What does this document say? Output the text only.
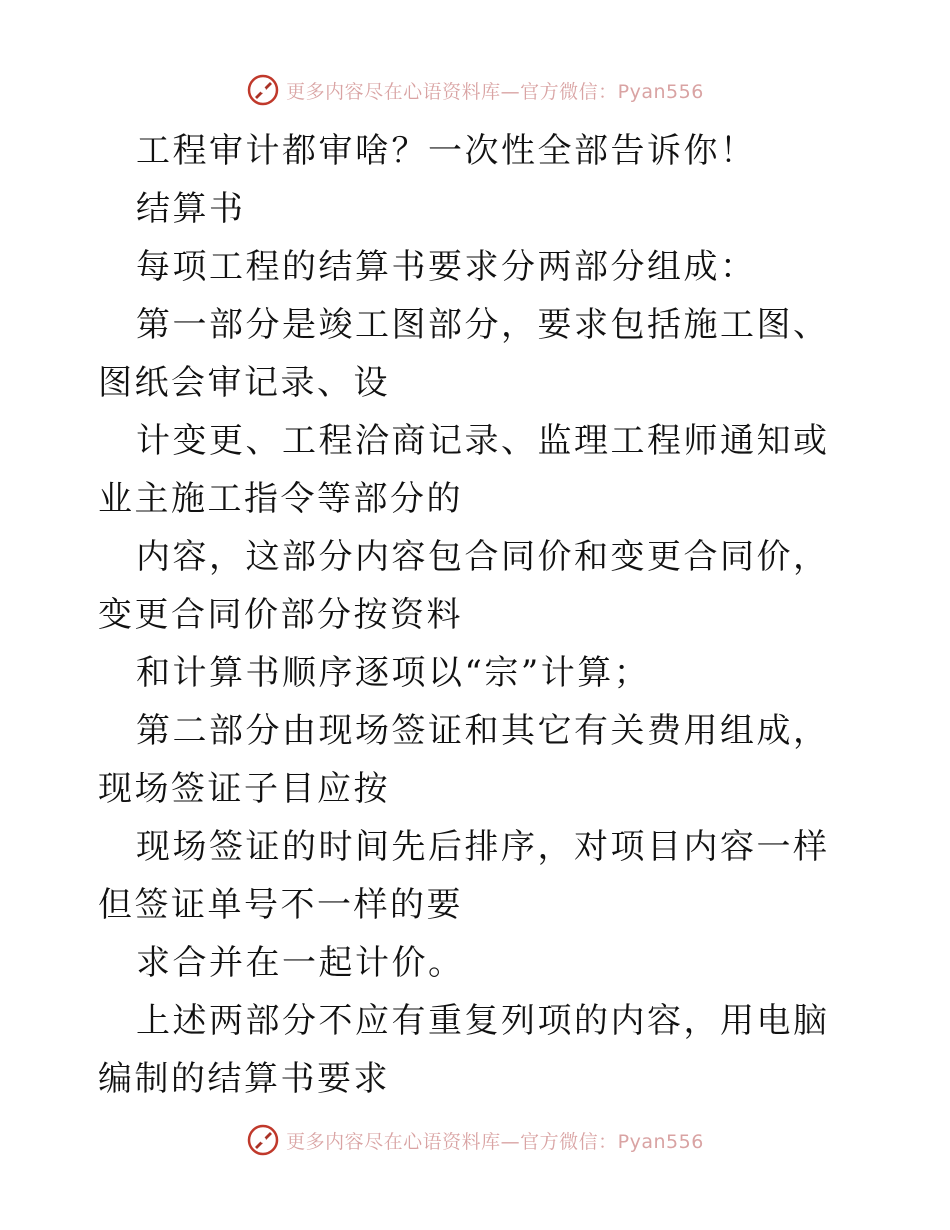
更多内容尽在心语资料库—官方微信：Pyan556

工程审计都审啥？一次性全部告诉你！

结算书

每项工程的结算书要求分两部分组成：

第一部分是竣工图部分，要求包括施工图、图纸会审记录、设

计变更、工程洽商记录、监理工程师通知或业主施工指令等部分的

内容，这部分内容包合同价和变更合同价，变更合同价部分按资料

和计算书顺序逐项以“宗”计算；

第二部分由现场签证和其它有关费用组成，现场签证子目应按

现场签证的时间先后排序，对项目内容一样但签证单号不一样的要

求合并在一起计价。

上述两部分不应有重复列项的内容，用电脑编制的结算书要求

更多内容尽在心语资料库—官方微信：Pyan556
